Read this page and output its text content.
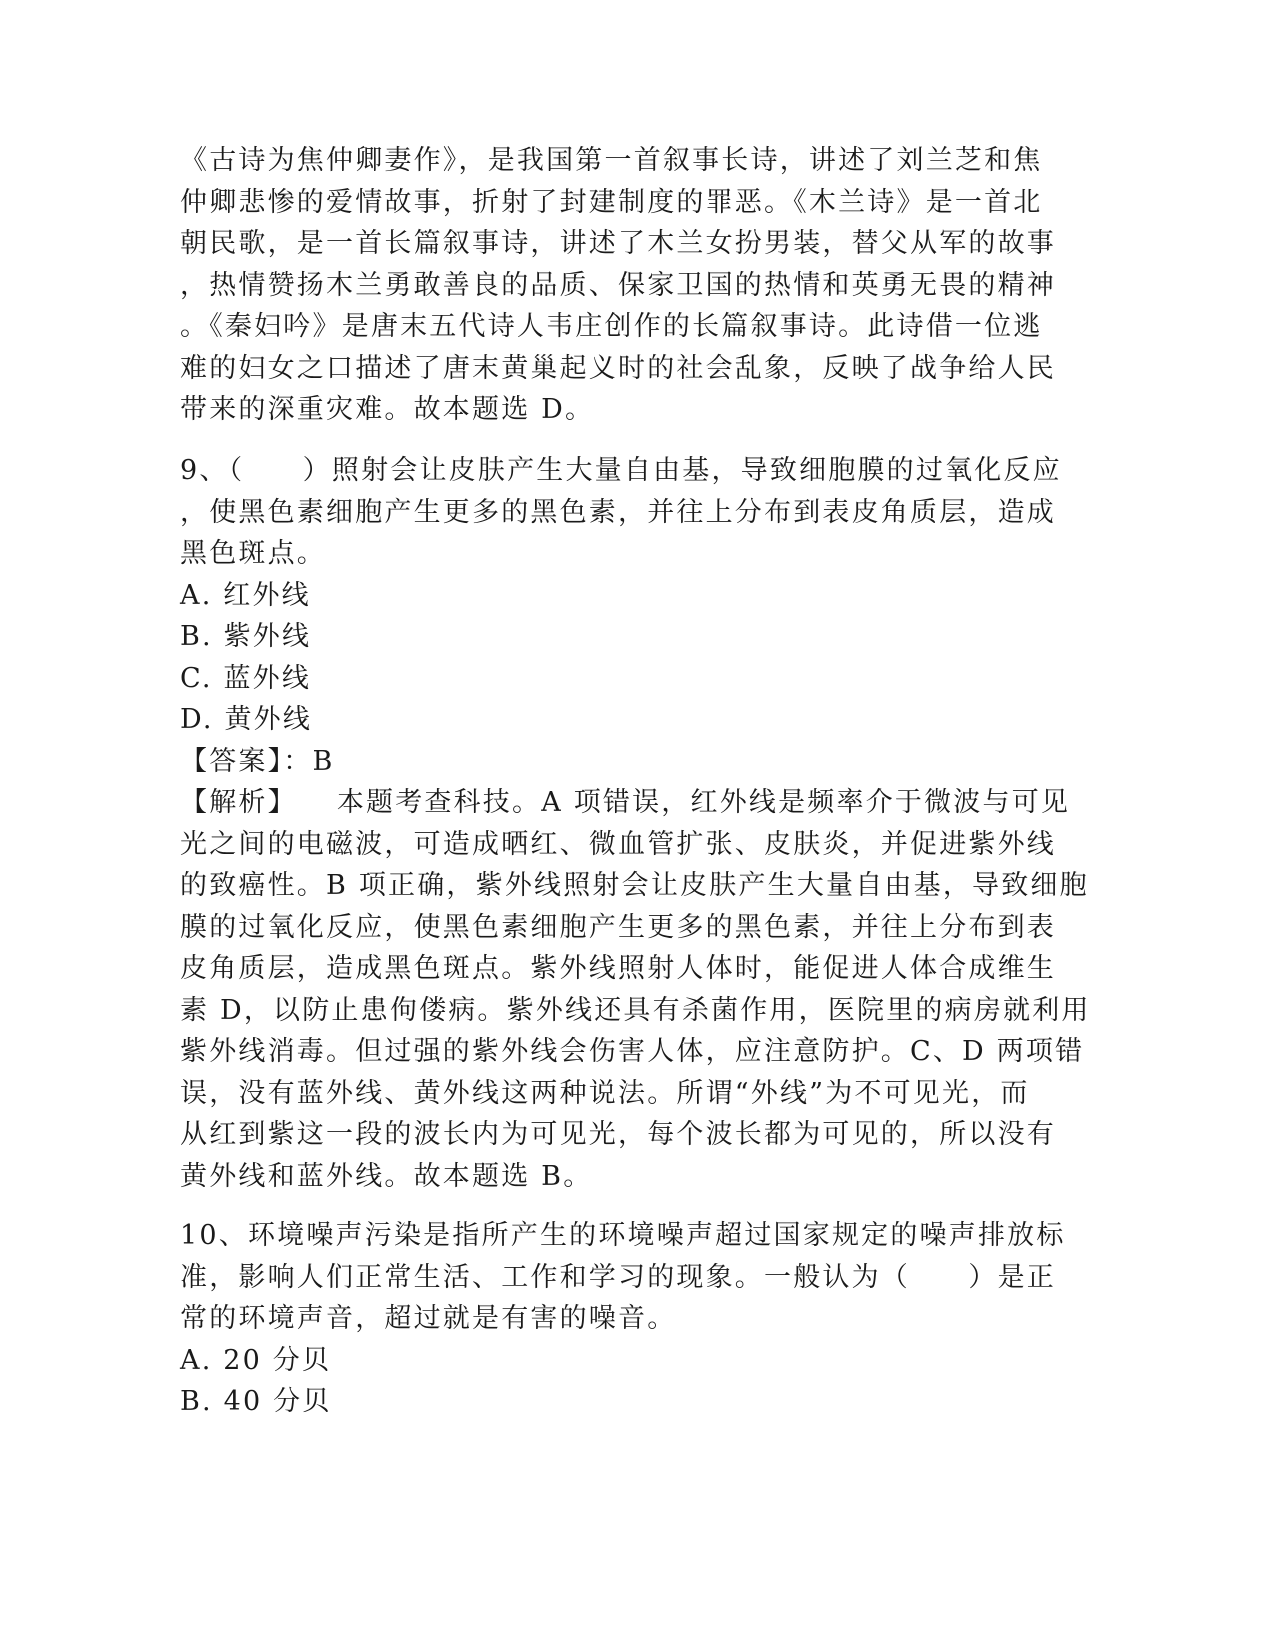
《古诗为焦仲卿妻作》，是我国第一首叙事长诗，讲述了刘兰芝和焦
仲卿悲惨的爱情故事，折射了封建制度的罪恶。《木兰诗》是一首北
朝民歌，是一首长篇叙事诗，讲述了木兰女扮男装，替父从军的故事
，热情赞扬木兰勇敢善良的品质、保家卫国的热情和英勇无畏的精神
。《秦妇吟》是唐末五代诗人韦庄创作的长篇叙事诗。此诗借一位逃
难的妇女之口描述了唐末黄巢起义时的社会乱象，反映了战争给人民
带来的深重灾难。故本题选 D。
9、（　　）照射会让皮肤产生大量自由基，导致细胞膜的过氧化反应
，使黑色素细胞产生更多的黑色素，并往上分布到表皮角质层，造成
黑色斑点。
A. 红外线
B. 紫外线
C. 蓝外线
D. 黄外线
【答案】：B
【解析】 本题考查科技。A 项错误，红外线是频率介于微波与可见
光之间的电磁波，可造成晒红、微血管扩张、皮肤炎，并促进紫外线
的致癌性。B 项正确，紫外线照射会让皮肤产生大量自由基，导致细胞
膜的过氧化反应，使黑色素细胞产生更多的黑色素，并往上分布到表
皮角质层，造成黑色斑点。紫外线照射人体时，能促进人体合成维生
素 D，以防止患佝偻病。紫外线还具有杀菌作用，医院里的病房就利用
紫外线消毒。但过强的紫外线会伤害人体，应注意防护。C、D 两项错
误，没有蓝外线、黄外线这两种说法。所谓“外线”为不可见光，而
从红到紫这一段的波长内为可见光，每个波长都为可见的，所以没有
黄外线和蓝外线。故本题选 B。
10、环境噪声污染是指所产生的环境噪声超过国家规定的噪声排放标
准，影响人们正常生活、工作和学习的现象。一般认为（　　）是正
常的环境声音，超过就是有害的噪音。
A. 20 分贝
B. 40 分贝
